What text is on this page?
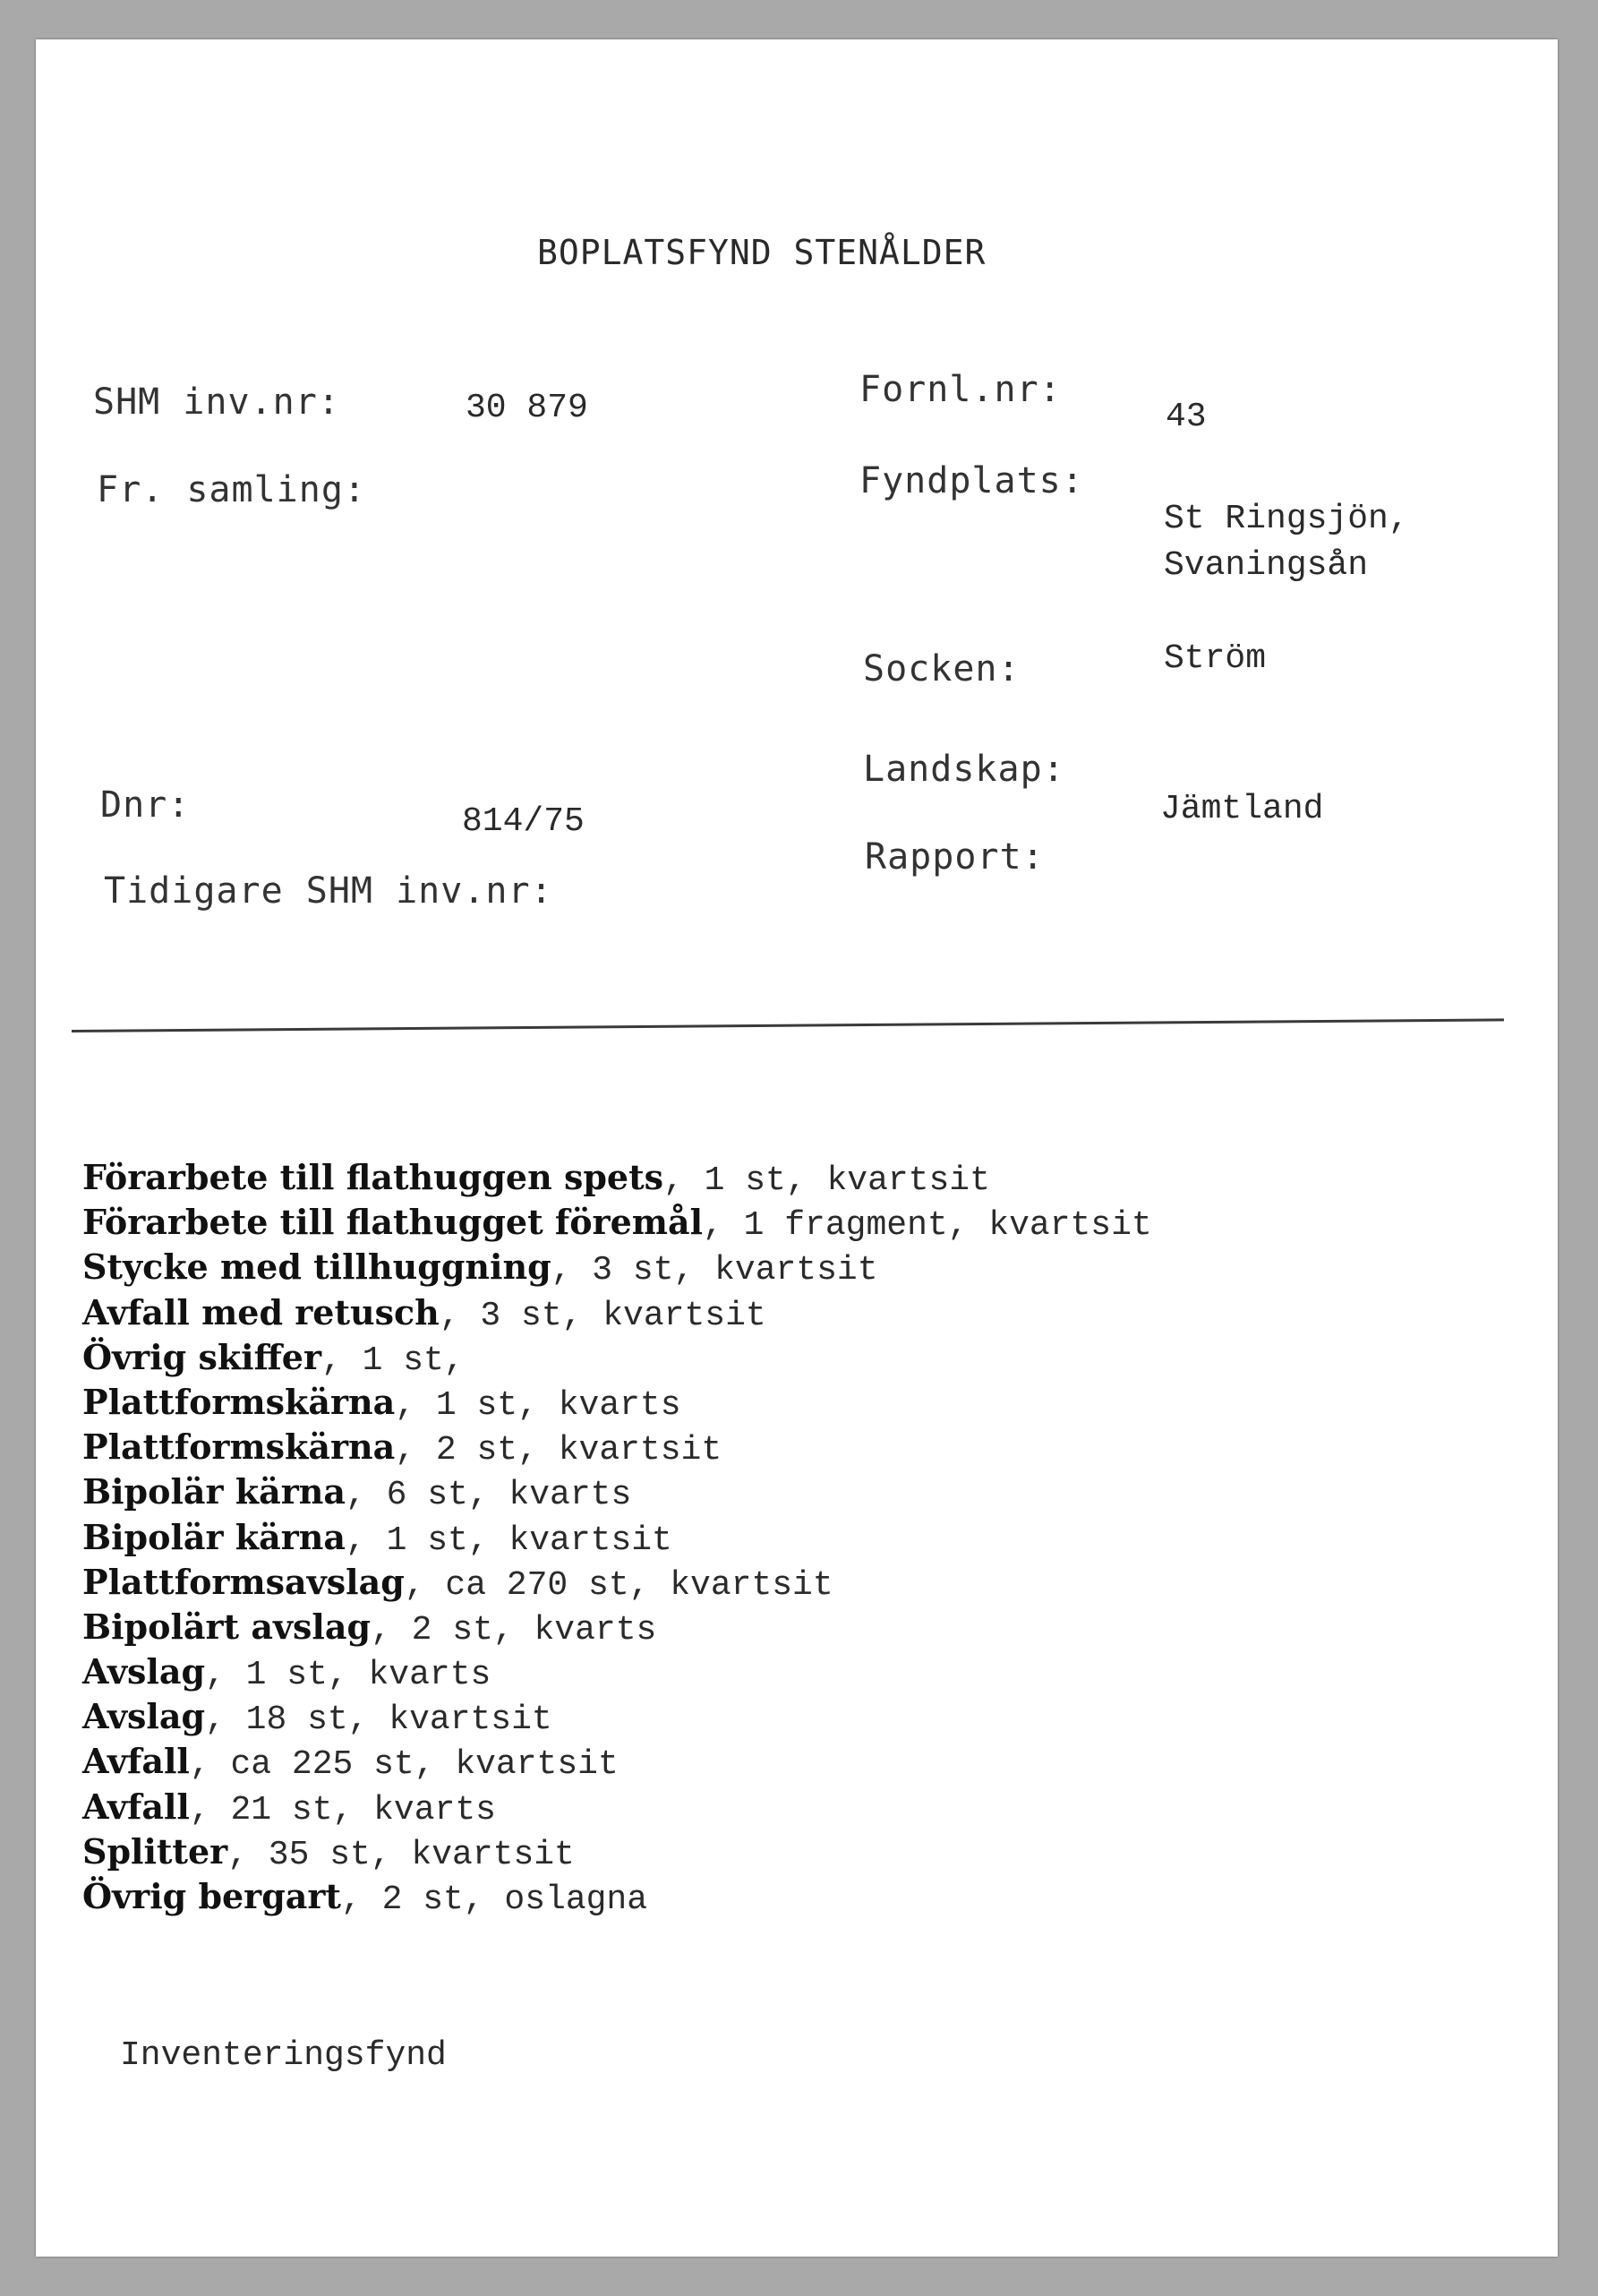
BOPLATSFYND STENÅLDER
SHM inv.nr:	30 879
Fr. samling:
Dnr:	814/75
Tidigare SHM inv.nr:
Fornl.nr:
43
Fyndplats:
St Ringsjön,
Svaningsån
Socken:	Ström
Landskap:
Jämtland
Rapport:
Förarbete till flathuggen spets, 1 st, kvartsit
Förarbete till flathugget föremål, 1 fragment, kvartsit
Stycke med tillhuggning, 3 st, kvartsit
Avfall med retusch, 3 st, kvartsit
Övrig skiffer, 1 st,
Plattformskärna, 1 st, kvarts
Plattformskärna, 2 st, kvartsit
Bipolär kärna, 6 st, kvarts
Bipolär kärna, 1 st, kvartsit
Plattformsavslag, ca 270 st, kvartsit
Bipolärt avslag, 2 st, kvarts
Avslag, 1 st, kvarts
Avslag, 18 st, kvartsit
Avfall, ca 225 st, kvartsit
Avfall, 21 st, kvarts
Splitter, 35 st, kvartsit
Övrig bergart, 2 st, oslagna
Inventeringsfynd
